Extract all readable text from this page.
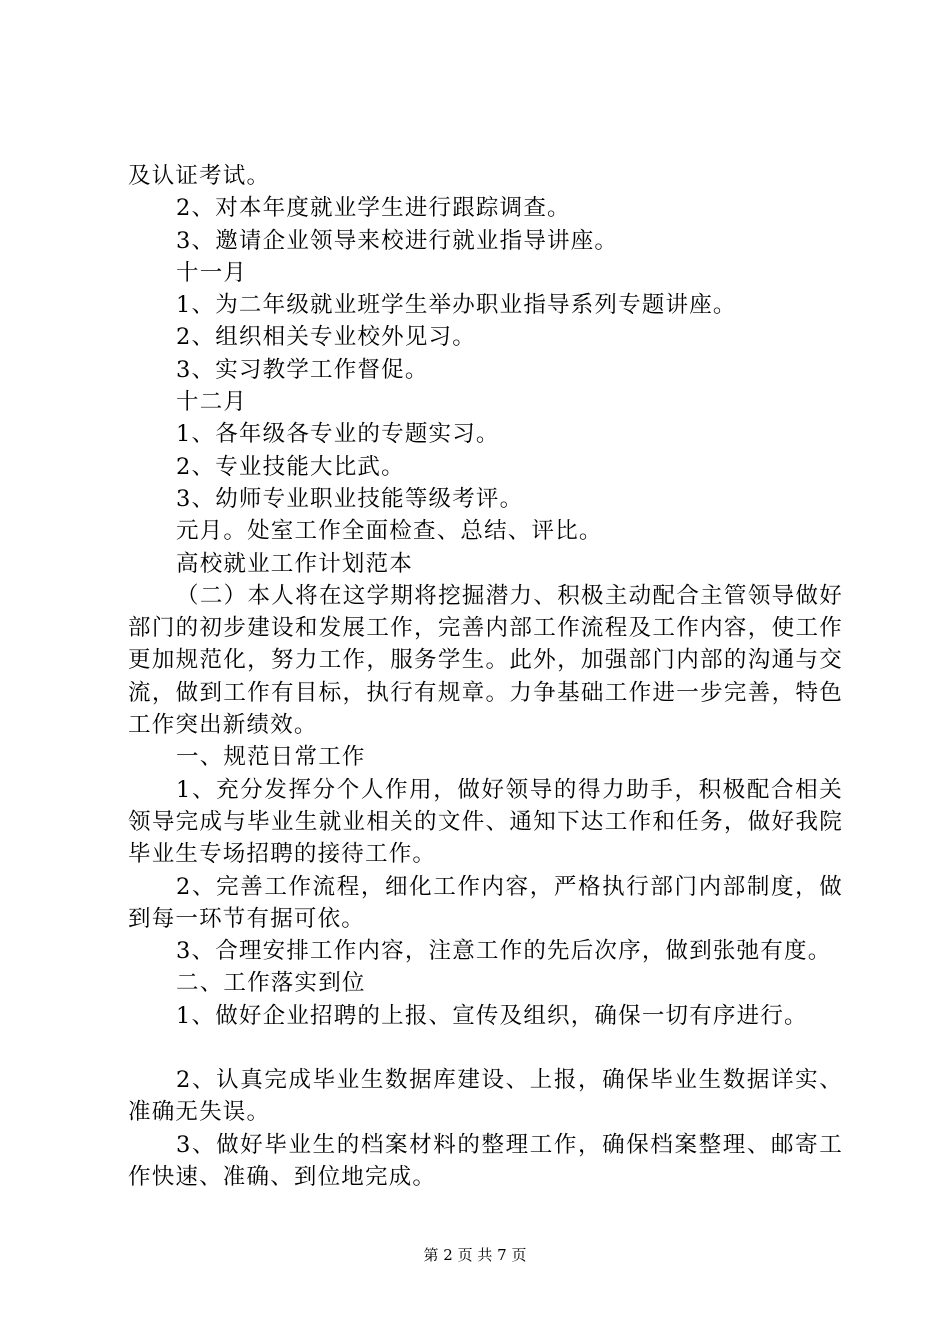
及认证考试。

2、对本年度就业学生进行跟踪调查。

3、邀请企业领导来校进行就业指导讲座。

十一月

1、为二年级就业班学生举办职业指导系列专题讲座。

2、组织相关专业校外见习。

3、实习教学工作督促。

十二月

1、各年级各专业的专题实习。

2、专业技能大比武。

3、幼师专业职业技能等级考评。

元月。处室工作全面检查、总结、评比。

高校就业工作计划范本

（二）本人将在这学期将挖掘潜力、积极主动配合主管领导做好部门的初步建设和发展工作，完善内部工作流程及工作内容，使工作更加规范化，努力工作，服务学生。此外，加强部门内部的沟通与交流，做到工作有目标，执行有规章。力争基础工作进一步完善，特色工作突出新绩效。

一、规范日常工作

1、充分发挥分个人作用，做好领导的得力助手，积极配合相关领导完成与毕业生就业相关的文件、通知下达工作和任务，做好我院毕业生专场招聘的接待工作。

2、完善工作流程，细化工作内容，严格执行部门内部制度，做到每一环节有据可依。

3、合理安排工作内容，注意工作的先后次序，做到张弛有度。

二、工作落实到位

1、做好企业招聘的上报、宣传及组织，确保一切有序进行。

2、认真完成毕业生数据库建设、上报，确保毕业生数据详实、准确无失误。

3、做好毕业生的档案材料的整理工作，确保档案整理、邮寄工作快速、准确、到位地完成。

第 2 页 共 7 页
